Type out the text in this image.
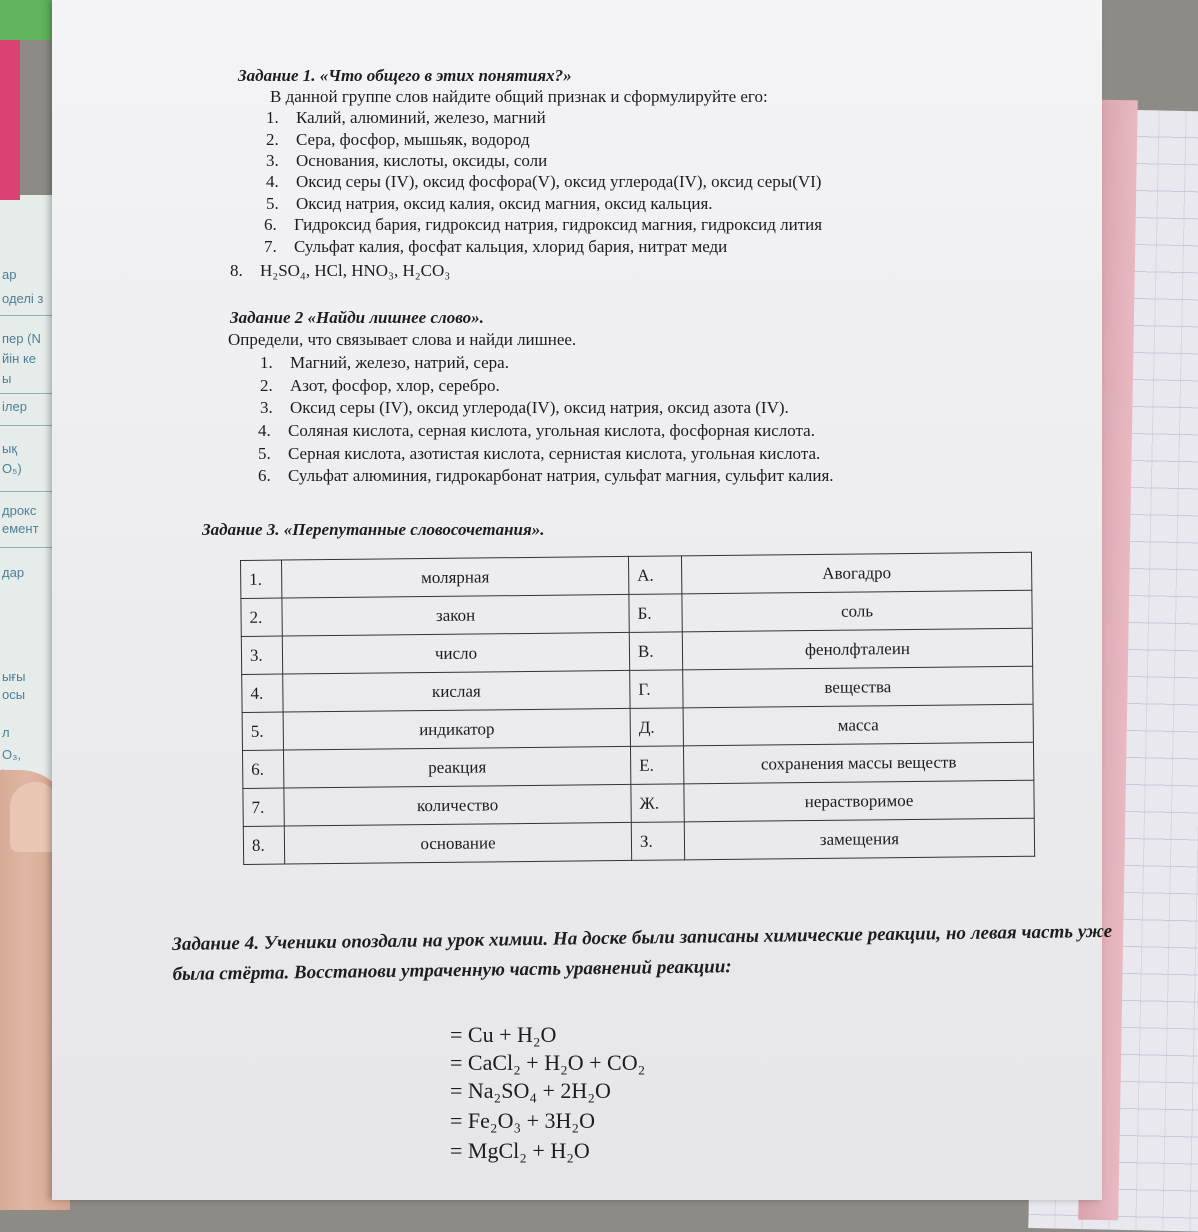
ар
оделі з
пер (N
йін ке
ы
ілер
ық
О₅)
дрокс
емент
дар
ығы
осы
л
О₃,
Задание 1. «Что общего в этих понятиях?»
В данной группе слов найдите общий признак и сформулируйте его:
1. Калий, алюминий, железо, магний
2. Сера, фосфор, мышьяк, водород
3. Основания, кислоты, оксиды, соли
4. Оксид серы (IV), оксид фосфора(V), оксид углерода(IV), оксид серы(VI)
5. Оксид натрия, оксид калия, оксид магния, оксид кальция.
6. Гидроксид бария, гидроксид натрия, гидроксид магния, гидроксид лития
7. Сульфат калия, фосфат кальция, хлорид бария, нитрат меди
8. H₂SO₄, HCl, HNO₃, H₂CO₃
Задание 2 «Найди лишнее слово».
Определи, что связывает слова и найди лишнее.
1. Магний, железо, натрий, сера.
2. Азот, фосфор, хлор, серебро.
3. Оксид серы (IV), оксид углерода(IV), оксид натрия, оксид азота (IV).
4. Соляная кислота, серная кислота, угольная кислота, фосфорная кислота.
5. Серная кислота, азотистая кислота, сернистая кислота, угольная кислота.
6. Сульфат алюминия, гидрокарбонат натрия, сульфат магния, сульфит калия.
Задание 3. «Перепутанные словосочетания».
1.	молярная	А.	Авогадро
2.	закон	Б.	соль
3.	число	В.	фенолфталеин
4.	кислая	Г.	вещества
5.	индикатор	Д.	масса
6.	реакция	Е.	сохранения массы веществ
7.	количество	Ж.	нерастворимое
8.	основание	З.	замещения
Задание 4. Ученики опоздали на урок химии. На доске были записаны химические реакции, но левая часть уже была стёрта. Восстанови утраченную часть уравнений реакции:
= Cu + H₂O
= CaCl₂ + H₂O + CO₂
= Na₂SO₄ + 2H₂O
= Fe₂O₃ + 3H₂O
= MgCl₂ + H₂O
